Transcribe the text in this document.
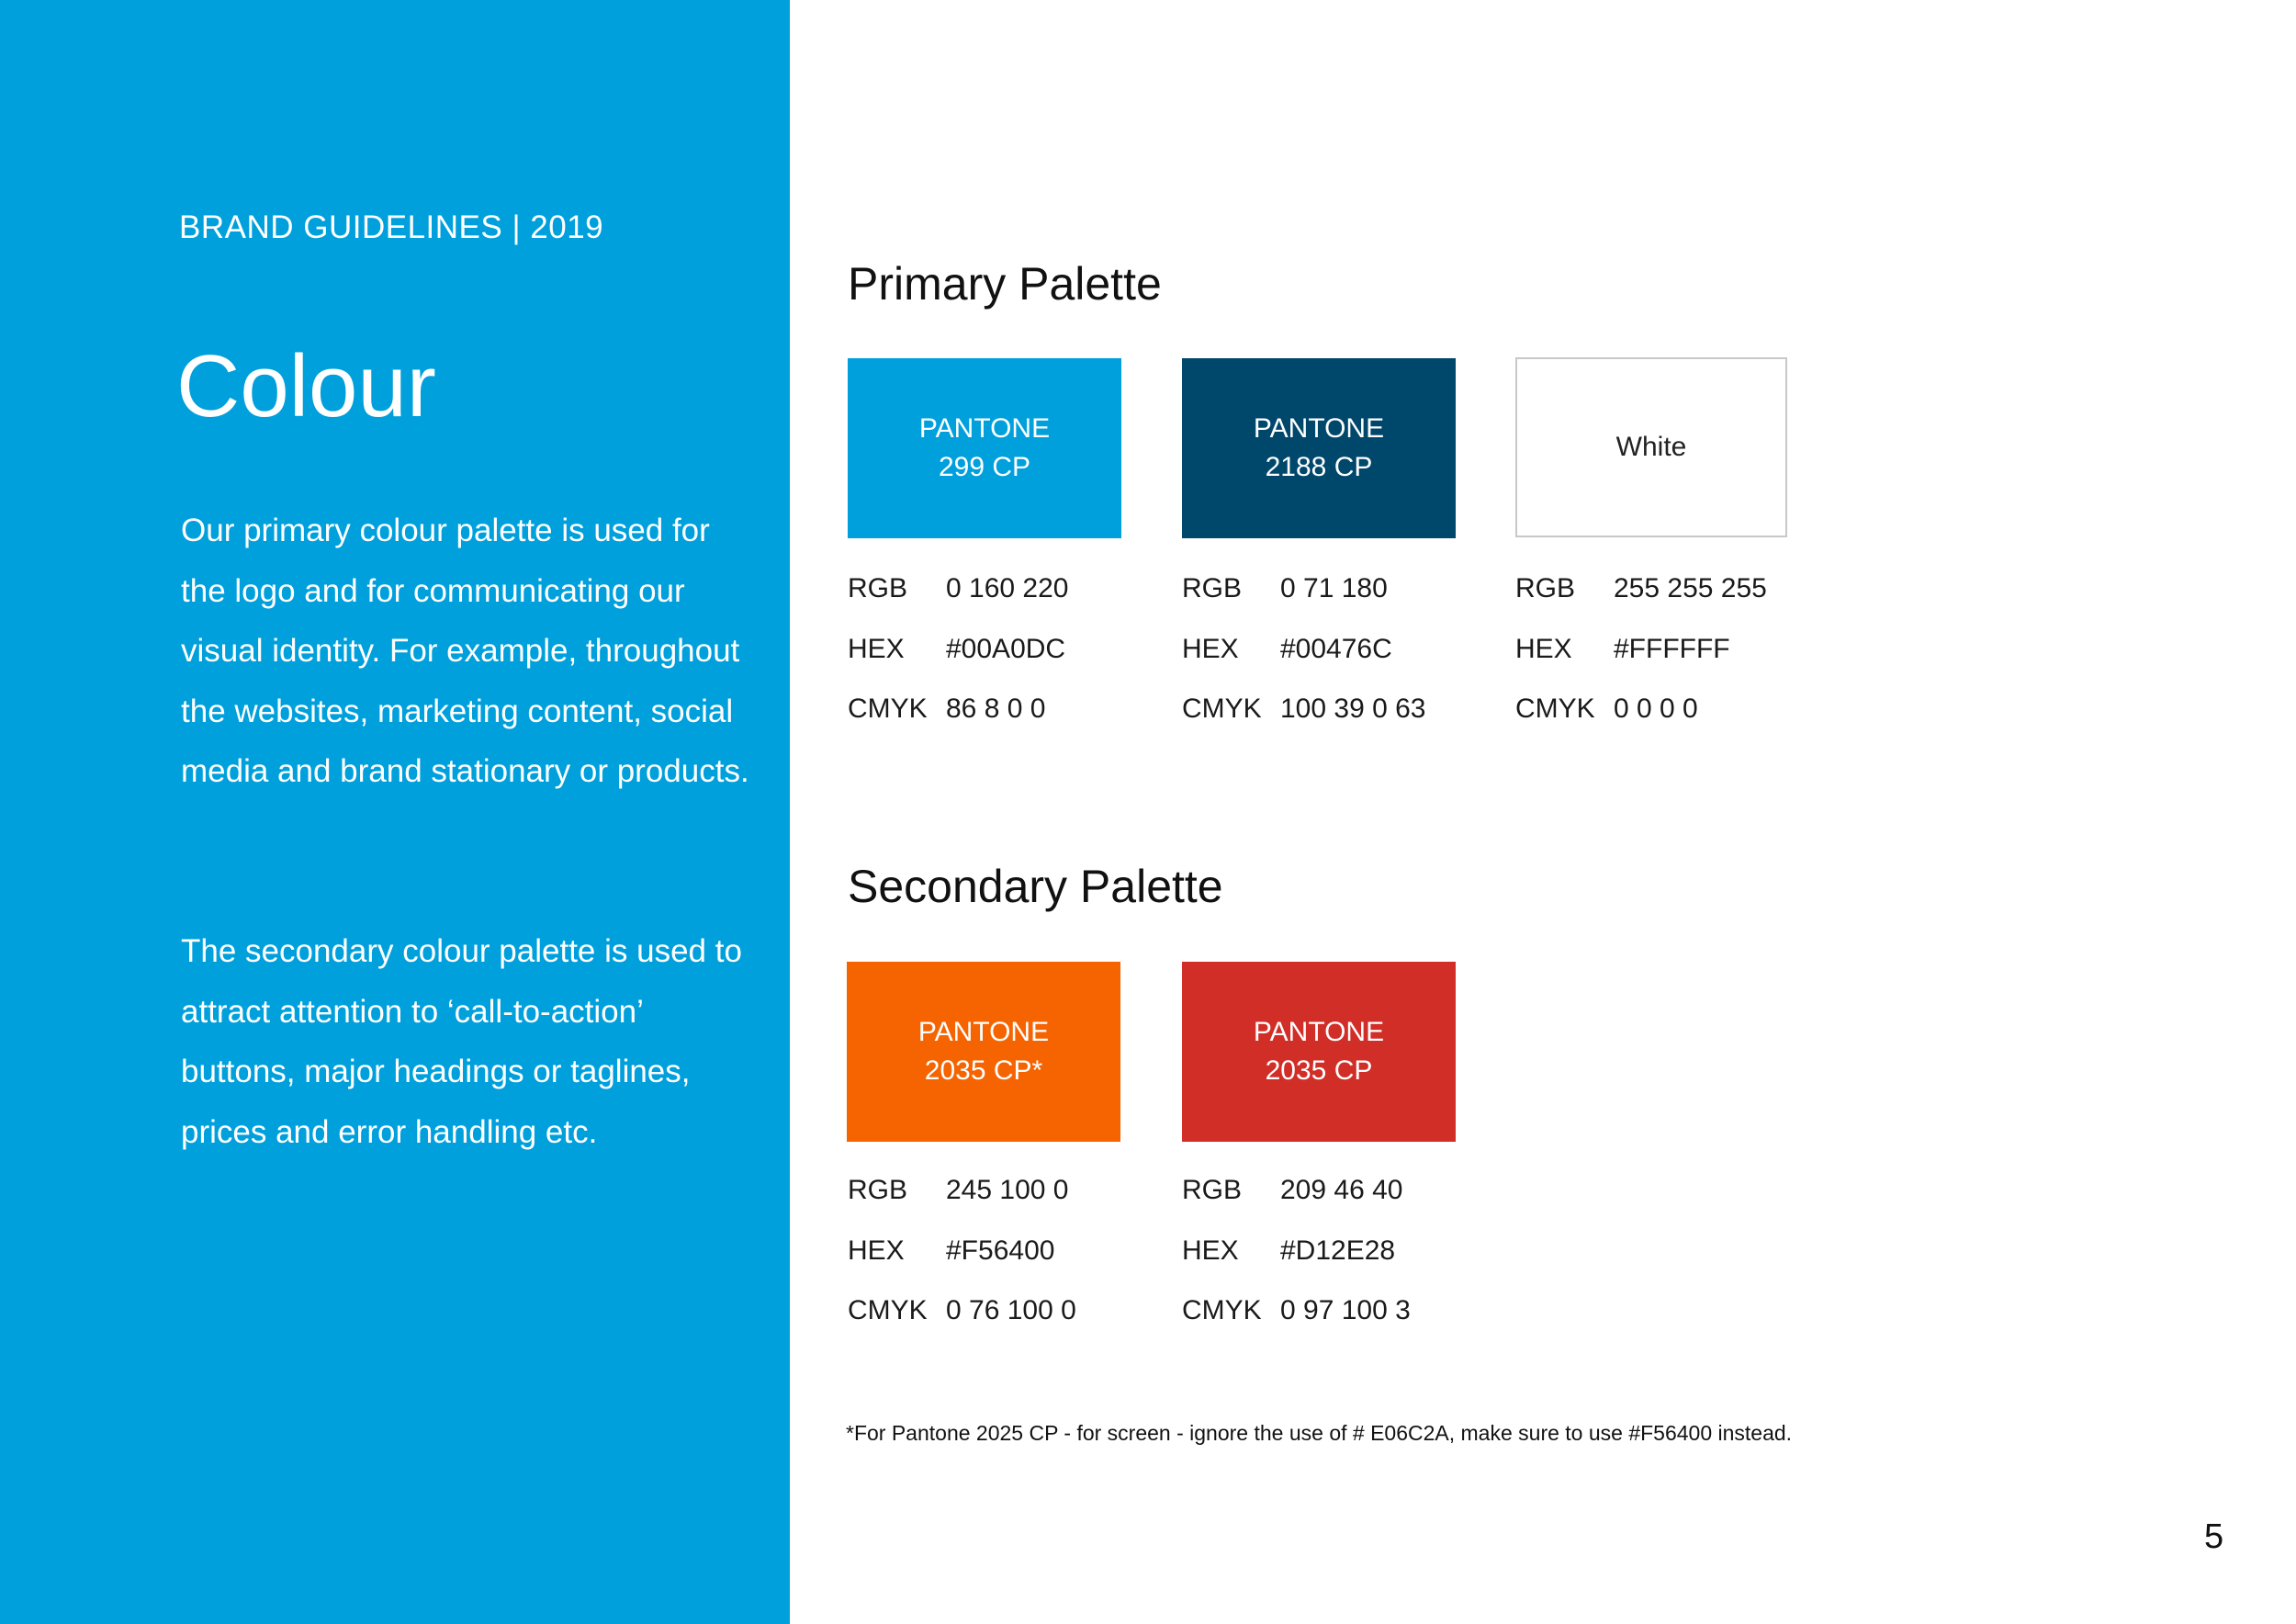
BRAND GUIDELINES | 2019
Colour

Our primary colour palette is used for the logo and for communicating our visual identity. For example, throughout the websites, marketing content, social media and brand stationary or products.

The secondary colour palette is used to attract attention to ‘call-to-action’ buttons, major headings or taglines, prices and error handling etc.

Primary Palette
PANTONE
299 CP
PANTONE
2188 CP
White
RGB 0 160 220
HEX #00A0DC
CMYK 86 8 0 0
RGB 0 71 180
HEX #00476C
CMYK 100 39 0 63
RGB 255 255 255
HEX #FFFFFF
CMYK 0 0 0 0
Secondary Palette
PANTONE
2035 CP*
PANTONE
2035 CP
RGB 245 100 0
HEX #F56400
CMYK 0 76 100 0
RGB 209 46 40
HEX #D12E28
CMYK 0 97 100 3
*For Pantone 2025 CP - for screen - ignore the use of # E06C2A, make sure to use #F56400 instead.
5
